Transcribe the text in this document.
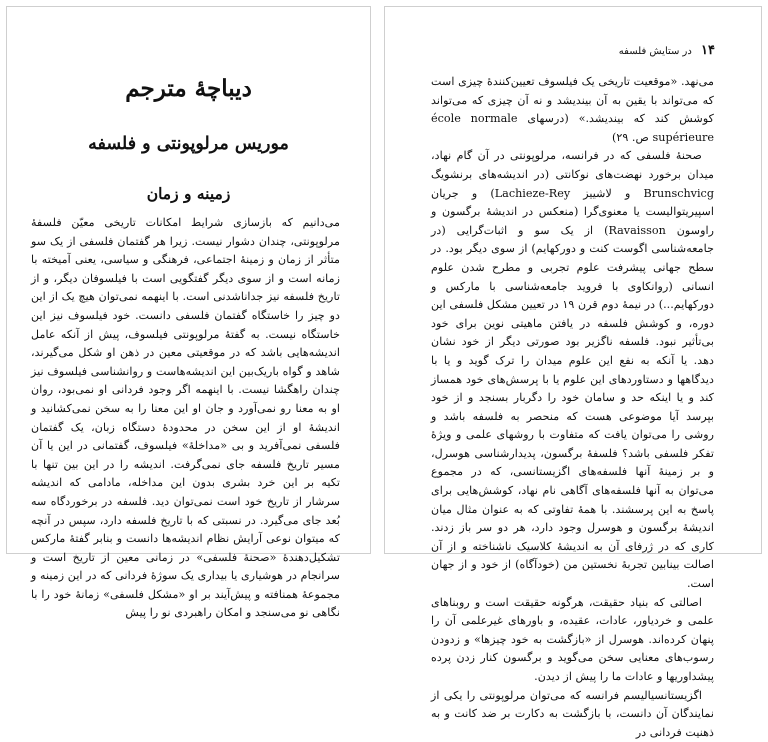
دیباچهٔ مترجم
موریس مرلوپونتی و فلسفه
زمینه و زمان

می‌دانیم که بازسازی شرایط امکانات تاریخی معیّن فلسفهٔ مرلوپونتی، چندان دشوار نیست. زیرا هر گفتمان فلسفی از یک سو متأثر از زمان و زمینهٔ اجتماعی، فرهنگی و سیاسی، یعنی آمیخته با زمانه است و از سوی دیگر گفتگویی است با فیلسوفان دیگر، و از تاریخ فلسفه نیز جداناشدنی است. با اینهمه نمی‌توان هیچ یک از این دو چیز را خاستگاه گفتمان فلسفی دانست. خود فیلسوف نیز این خاستگاه نیست. به گفتهٔ مرلوپونتی فیلسوف، پیش از آنکه عامل اندیشه‌هایی باشد که در موقعیتی معین در ذهن او شکل می‌گیرند، شاهد و گواه باریک‌بین این اندیشه‌هاست و روانشناسی فیلسوف نیز چندان راهگشا نیست. با اینهمه اگر وجود فردانی او نمی‌بود، روان او به معنا رو نمی‌آورد و جان او این معنا را به سخن نمی‌کشانید و اندیشهٔ او از این سخن در محدودهٔ دستگاه زبان، یک گفتمان فلسفی نمی‌آفرید و بی «مداخلهٔ» فیلسوف، گفتمانی در این یا آن مسیر تاریخ فلسفه جای نمی‌گرفت. اندیشه را در این بین تنها با تکیه بر این خرد بشری بدون این مداخله، مادامی که اندیشه سرشار از تاریخ خود است نمی‌توان دید. فلسفه در برخوردگاه سه بُعد جای می‌گیرد. در نسبتی که با تاریخ فلسفه دارد، سپس در آنچه که میتوان نوعی آرایش نظام اندیشه‌ها دانست و بنابر گفتهٔ مارکس تشکیل‌دهندهٔ «صحنهٔ فلسفی» در زمانی معین از تاریخ است و سرانجام در هوشیاری یا بیداری یک سوژهٔ فردانی که در این زمینه و مجموعهٔ همنافته و پیش‌آیند بر او «مشکل فلسفی» زمانهٔ خود را با نگاهی نو می‌سنجد و امکان راهبردی نو را پیش

۱۴ در ستایش فلسفه

می‌نهد. «موقعیت تاریخی یک فیلسوف تعیین‌کنندهٔ چیزی است که می‌تواند با یقین به آن بیندیشد و نه آن چیزی که می‌تواند کوشش کند که بیندیشد.» (درسهای école normale supérieure ص. ۲۹)

صحنهٔ فلسفی که در فرانسه، مرلوپونتی در آن گام نهاد، میدان برخورد نهضت‌های نوکانتی (در اندیشه‌های برنشویگ Brunschvicg و لاشییز Lachieze-Rey) و جریان اسپیریتوالیست یا معنوی‌گرا (منعکس در اندیشهٔ برگسون و راوسون Ravaisson) از یک سو و اثبات‌گرایی (در جامعه‌شناسی اگوست کنت و دورکهایم) از سوی دیگر بود. در سطح جهانی پیشرفت علوم تجربی و مطرح شدن علوم انسانی (روانکاوی با فروید جامعه‌شناسی با مارکس و دورکهایم...) در نیمهٔ دوم قرن ۱۹ در تعیین مشکل فلسفی این دوره، و کوشش فلسفه در یافتن ماهیتی نوین برای خود بی‌تأثیر نبود. فلسفه ناگزیر بود صورتی دیگر از خود نشان دهد. یا آنکه به نفع این علوم میدان را ترک گوید و یا با دیدگاهها و دستاوردهای این علوم یا با پرسش‌های خود همساز کند و یا اینکه حد و سامان خود را دگربار بسنجد و از خود بپرسد آیا موضوعی هست که منحصر به فلسفه باشد و روشی را می‌توان یافت که متفاوت با روشهای علمی و ویژهٔ تفکر فلسفی باشد؟ فلسفهٔ برگسون، پدیدارشناسی هوسرل، و بر زمینهٔ آنها فلسفه‌های اگزیستانسی، که در مجموع می‌توان به آنها فلسفه‌های آگاهی نام نهاد، کوشش‌هایی برای پاسخ به این پرسشند. با همهٔ تفاوتی که به عنوان مثال میان اندیشهٔ برگسون و هوسرل وجود دارد، هر دو سر باز زدند. کاری که در ژرفای آن به اندیشهٔ کلاسیک ناشناخته و از آن اصالت بینابین تجربهٔ نخستین من (خودآگاه) از خود و از جهان است.

اصالتی که بنیاد حقیقت، هرگونه حقیقت است و روبناهای علمی و خردیاور، عادات، عقیده، و باورهای غیرعلمی آن را پنهان کرده‌اند. هوسرل از «بازگشت به خود چیزها» و زدودن رسوب‌های معنایی سخن می‌گوید و برگسون کنار زدن پرده پیشداوریها و عادات ما را پیش از دیدن.

اگزیستانسیالیسم فرانسه که می‌توان مرلوپونتی را یکی از نمایندگان آن دانست، با بازگشت به دکارت بر ضد کانت و به ذهنیت فردانی در
